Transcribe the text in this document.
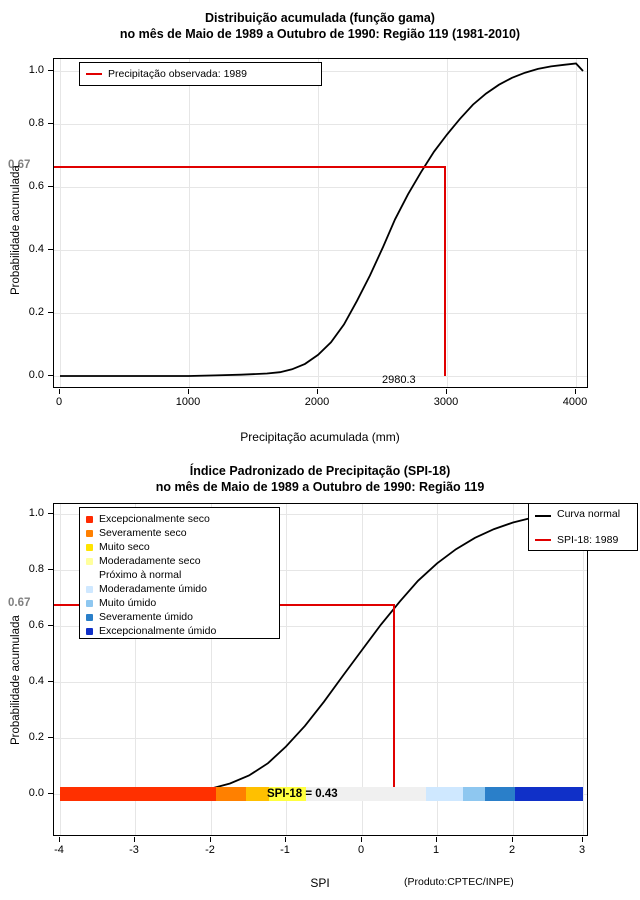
Distribuição acumulada (função gama)
no mês de Maio de 1989 a Outubro de 1990: Região 119 (1981-2010)
Precipitação observada: 1989
0.0
0.2
0.4
0.6
0.8
1.0
0.67
0	1000	2000	3000	4000
2980.3
Precipitação acumulada (mm)
Probabilidade acumulada
Índice Padronizado de Precipitação (SPI-18)
no mês de Maio de 1989 a Outubro de 1990: Região 119
Excepcionalmente seco
Severamente seco
Muito seco
Moderadamente seco
Próximo à normal
Moderadamente úmido
Muito úmido
Severamente úmido
Excepcionalmente úmido
SPI-18 = 0.43
Curva normal
SPI-18: 1989
0.0
0.2
0.4
0.6
0.8
1.0
0.67
-4	-3	-2	-1	0	1	2	3
SPI
Probabilidade acumulada
(Produto:CPTEC/INPE)
